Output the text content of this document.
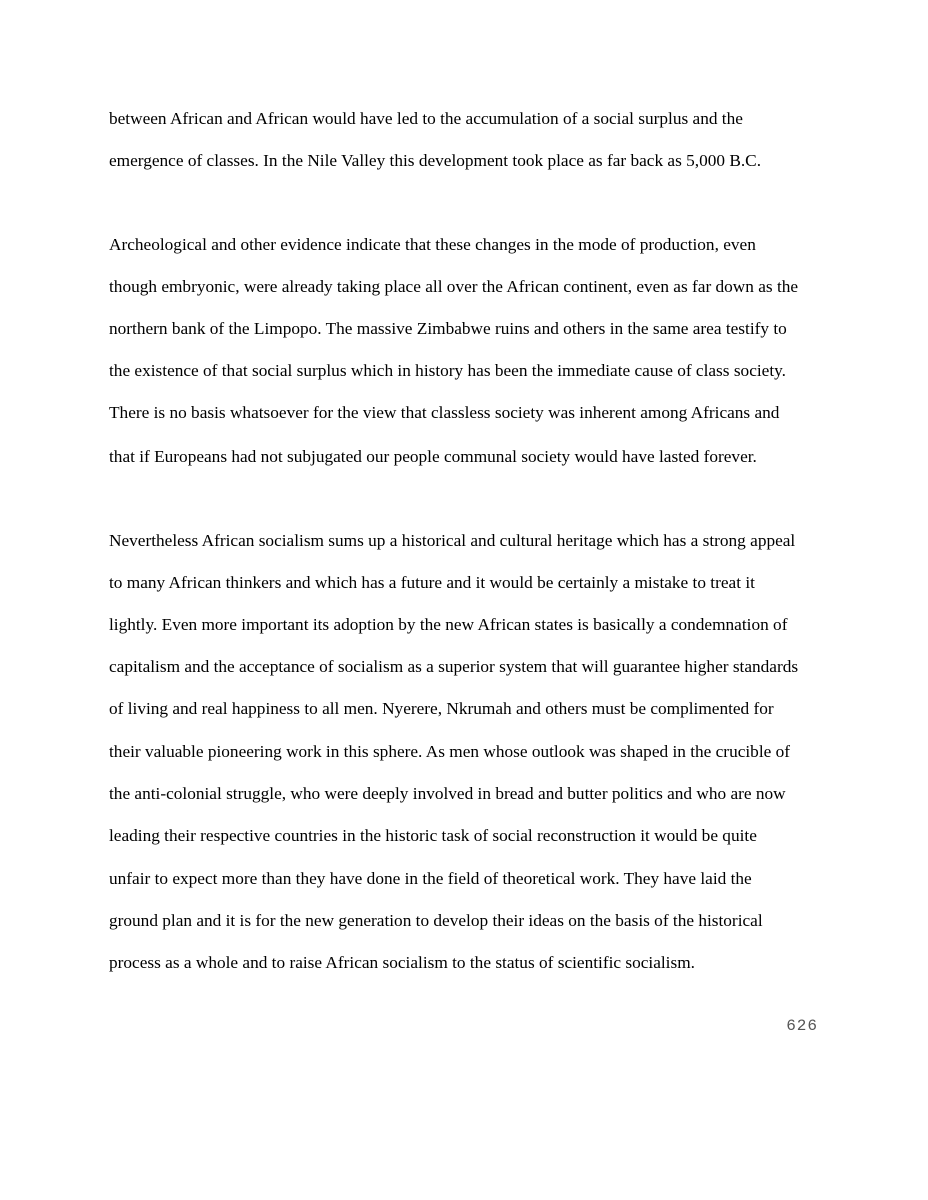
between African and African would have led to the accumulation of a social surplus and the

emergence of classes. In the Nile Valley this development took place as far back as 5,000 B.C.

Archeological and other evidence indicate that these changes in the mode of production, even

though embryonic, were already taking place all over the African continent, even as far down as the

northern bank of the Limpopo. The massive Zimbabwe ruins and others in the same area testify to

the existence of that social surplus which in history has been the immediate cause of class society.

There is no basis whatsoever for the view that classless society was inherent among Africans and

that if Europeans had not subjugated our people communal society would have lasted forever.

Nevertheless African socialism sums up a historical and cultural heritage which has a strong appeal

to many African thinkers and which has a future and it would be certainly a mistake to treat it

lightly. Even more important its adoption by the new African states is basically a condemnation of

capitalism and the acceptance of socialism as a superior system that will guarantee higher standards

of living and real happiness to all men. Nyerere, Nkrumah and others must be complimented for

their valuable pioneering work in this sphere. As men whose outlook was shaped in the crucible of

the anti-colonial struggle, who were deeply involved in bread and butter politics and who are now

leading their respective countries in the historic task of social reconstruction it would be quite

unfair to expect more than they have done in the field of theoretical work. They have laid the

ground plan and it is for the new generation to develop their ideas on the basis of the historical

process as a whole and to raise African socialism to the status of scientific socialism.

626
